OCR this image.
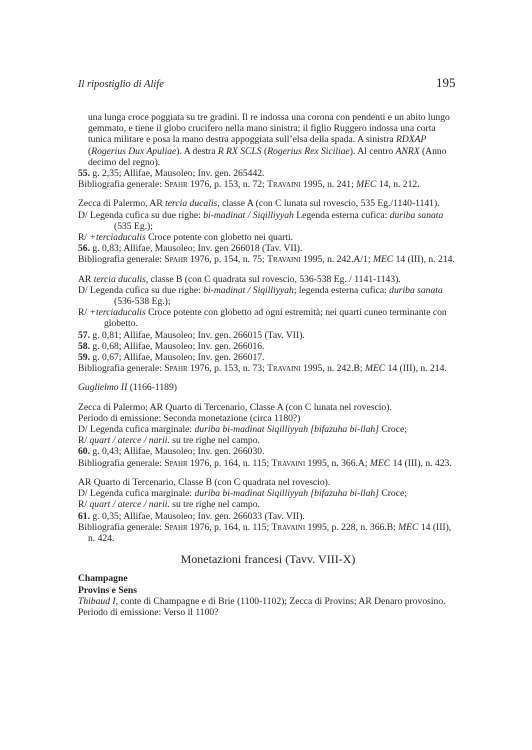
Il ripostiglio di Alife	195

una lunga croce poggiata su tre gradini. Il re indossa una corona con pendenti e un abito lungo gemmato, e tiene il globo crucifero nella mano sinistra; il figlio Ruggero indossa una corta tunica militare e posa la mano destra appoggiata sull’elsa della spada. A sinistra RDXAP (Rogerius Dux Apuliae). A destra R RX SCLS (Rogerius Rex Siciliae). Al centro ANRX (Anno decimo del regno).

55. g. 2,35; Allifae, Mausoleo; Inv. gen. 265442.

Bibliografia generale: Spahr 1976, p. 153, n. 72; Travaini 1995, n. 241; MEC 14, n. 212.

Zecca di Palermo, AR tercia ducalis, classe A (con C lunata sul rovescio, 535 Eg./1140-1141).

D/ Legenda cufica su due righe: bi-madinat / Siqilliyyah Legenda esterna cufica: duriba sanata
(535 Eg.);

R/ +terciaducalis Croce potente con globetto nei quarti.

56. g. 0,83; Allifae, Mausoleo; Inv. gen 266018 (Tav. VII).

Bibliografia generale: Spahr 1976, p. 154, n. 75; Travaini 1995, n. 242.A/1; MEC 14 (III), n. 214.

AR tercia ducalis, classe B (con C quadrata sul rovescio, 536-538 Eg. / 1141-1143).

D/ Legenda cufica su due righe: bi-madinat / Siqilliyyah; legenda esterna cufica: duriba sanata
(536-538 Eg.);

R/ +terciaducalis Croce potente con globetto ad ogni estremità; nei quarti cuneo terminante con globetto.

57. g. 0,81; Allifae, Mausoleo; Inv. gen. 266015 (Tav. VII).

58. g. 0,68; Allifae, Mausoleo; Inv. gen. 266016.

59. g. 0,67; Allifae, Mausoleo; Inv. gen. 266017.

Bibliografia generale: Spahr 1976, p. 153, n. 73; Travaini 1995, n. 242.B; MEC 14 (III), n. 214.

Guglielmo II (1166-1189)

Zecca di Palermo; AR Quarto di Tercenario, Classe A (con C lunata nel rovescio).

Periodo di emissione: Seconda monetazione (circa 1180?)

D/ Legenda cufica marginale: duriba bi-madinat Siqilliyyah [bifazuha bi-llah] Croce;

R/ quart / aterce / narii. su tre righe nel campo.

60. g. 0,43; Allifae, Mausoleo; Inv. gen. 266030.

Bibliografia generale: Spahr 1976, p. 164, n. 115; Travaini 1995, n. 366.A; MEC 14 (III), n. 423.

AR Quarto di Tercenario, Classe B (con C quadrata nel rovescio).

D/ Legenda cufica marginale: duriba bi-madinat Siqilliyyah [bifazuha bi-llah] Croce;

R/ quart / aterce / narii. su tre righe nel campo.

61. g. 0,35; Allifae, Mausoleo; Inv. gen. 266033 (Tav. VII).

Bibliografia generale: Spahr 1976, p. 164, n. 115; Travaini 1995, p. 228, n. 366.B; MEC 14 (III), n. 424.

Monetazioni francesi (Tavv. VIII-X)

Champagne

Provins e Sens

Thibaud I, conte di Champagne e di Brie (1100-1102); Zecca di Provins; AR Denaro provosino.

Periodo di emissione: Verso il 1100?
